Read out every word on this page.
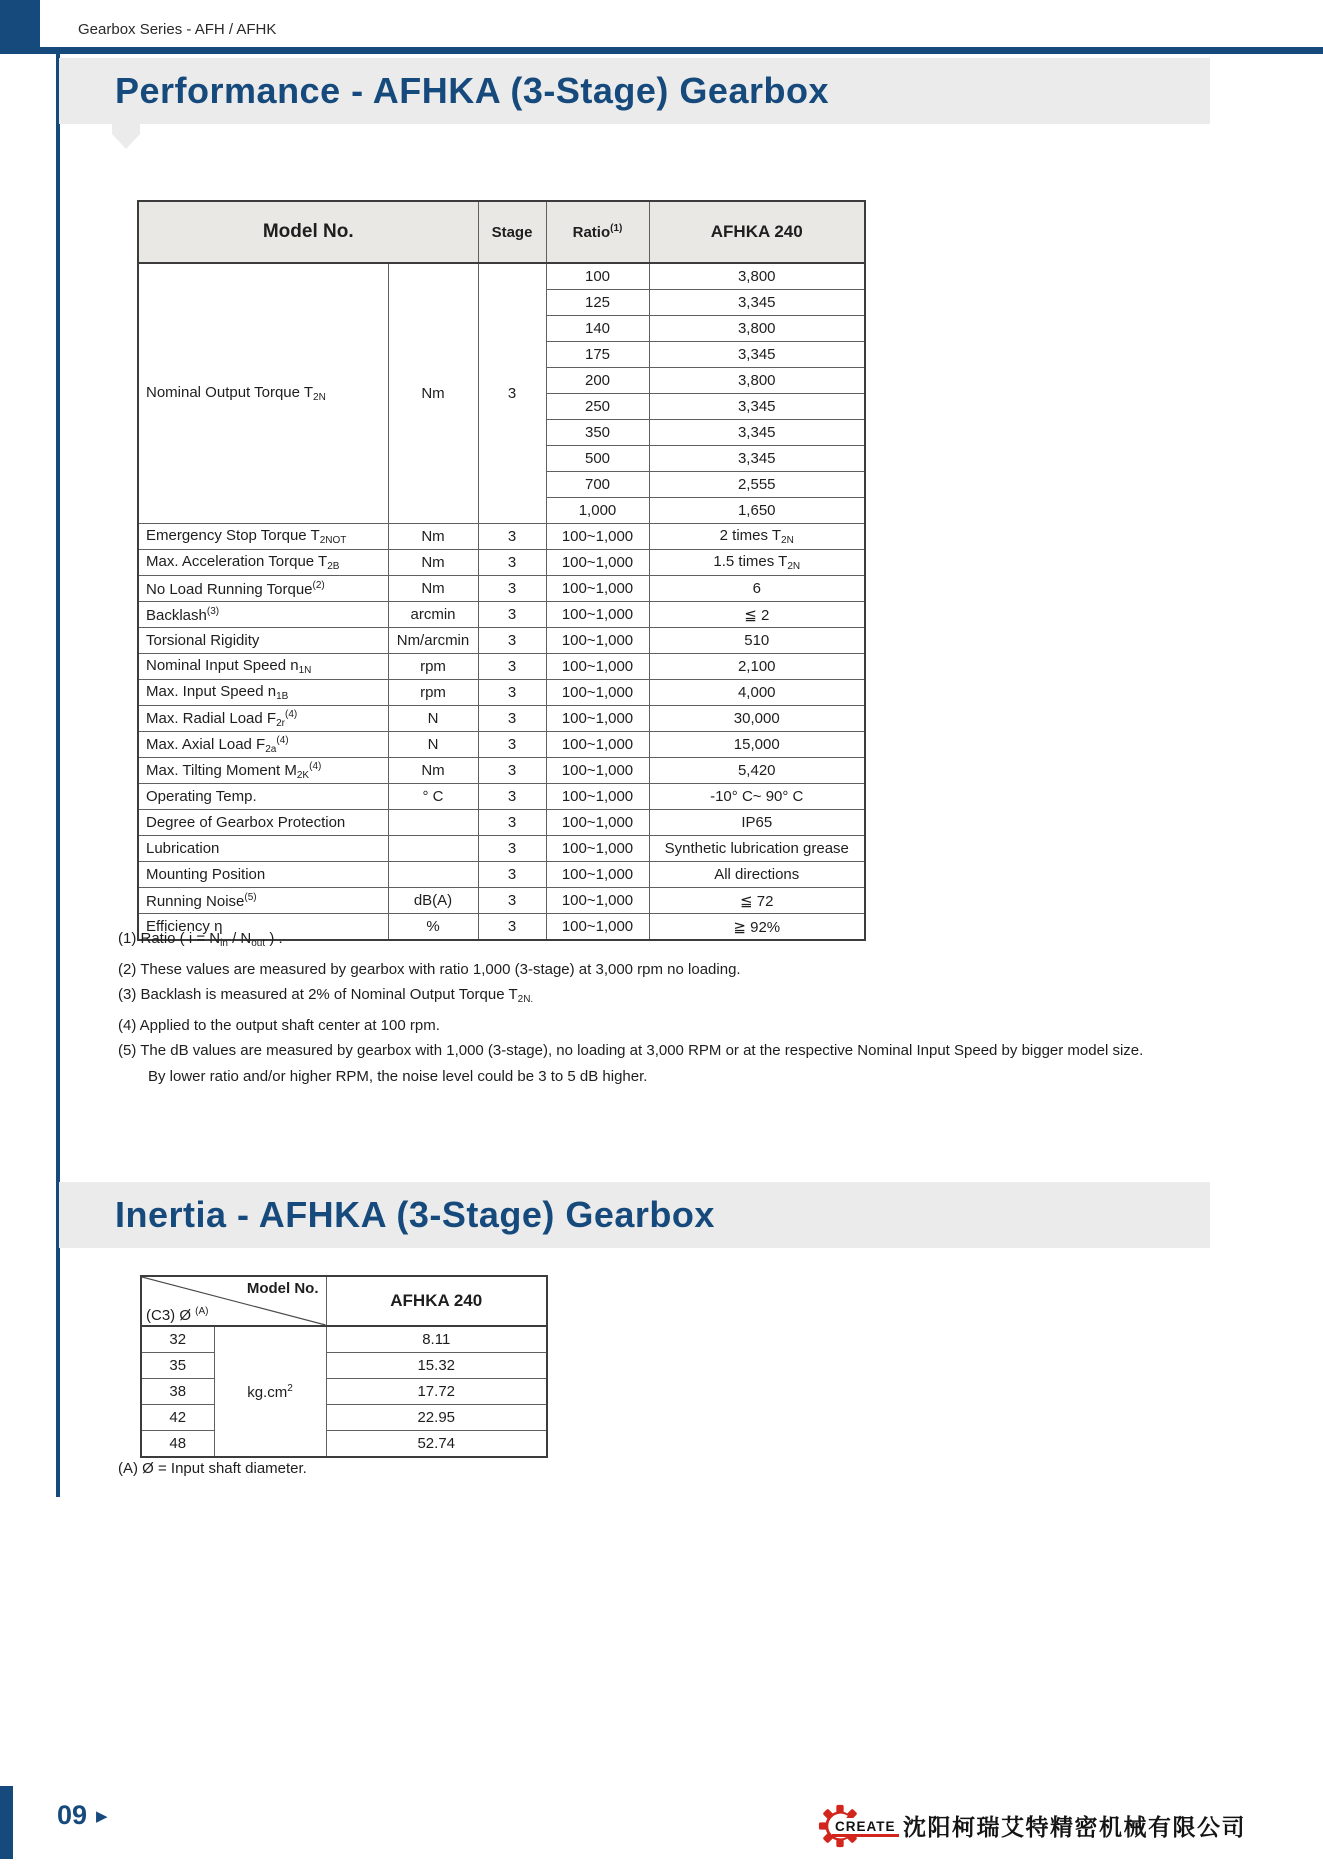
Gearbox Series - AFH / AFHK
Performance - AFHKA (3-Stage) Gearbox
Model No.		Stage	Ratio$^{(1)}$	AFHKA 240
Nominal Output Torque $T_{2N}$	Nm	3	100	3,800
			125	3,345
			140	3,800
			175	3,345
			200	3,800
			250	3,345
			350	3,345
			500	3,345
			700	2,555
			1,000	1,650
Emergency Stop Torque $T_{2NOT}$	Nm	3	100~1,000	2 times $T_{2N}$
Max. Acceleration Torque $T_{2B}$	Nm	3	100~1,000	1.5 times $T_{2N}$
No Load Running Torque$^{(2)}$	Nm	3	100~1,000	6
Backlash$^{(3)}$	arcmin	3	100~1,000	≦ 2
Torsional Rigidity	Nm/arcmin	3	100~1,000	510
Nominal Input Speed $n_{1N}$	rpm	3	100~1,000	2,100
Max. Input Speed $n_{1B}$	rpm	3	100~1,000	4,000
Max. Radial Load $F_{2r}^{(4)}$	N	3	100~1,000	30,000
Max. Axial Load $F_{2a}^{(4)}$	N	3	100~1,000	15,000
Max. Tilting Moment $M_{2K}^{(4)}$	Nm	3	100~1,000	5,420
Operating Temp.	° C	3	100~1,000	-10° C~ 90° C
Degree of Gearbox Protection		3	100~1,000	IP65
Lubrication		3	100~1,000	Synthetic lubrication grease
Mounting Position		3	100~1,000	All directions
Running Noise$^{(5)}$	dB(A)	3	100~1,000	≦ 72
Efficiency η	%	3	100~1,000	≧ 92%
(1) Ratio ( $i = N_{in} / N_{out}$ ) .
(2) These values are measured by gearbox with ratio 1,000 (3-stage) at 3,000 rpm no loading.
(3) Backlash is measured at 2% of Nominal Output Torque $T_{2N.}$
(4) Applied to the output shaft center at 100 rpm.
(5) The dB values are measured by gearbox with 1,000 (3-stage), no loading at 3,000 RPM or at the respective Nominal Input Speed by bigger model size.
By lower ratio and/or higher RPM, the noise level could be 3 to 5 dB higher.
Inertia - AFHKA (3-Stage) Gearbox
Model No.
(C3) Ø $^{(A)}$		AFHKA 240
32	$kg.cm^2$	8.11
35		15.32
38		17.72
42		22.95
48		52.74
(A) Ø = Input shaft diameter.
09 ▶
CREATE 沈阳柯瑞艾特精密机械有限公司
